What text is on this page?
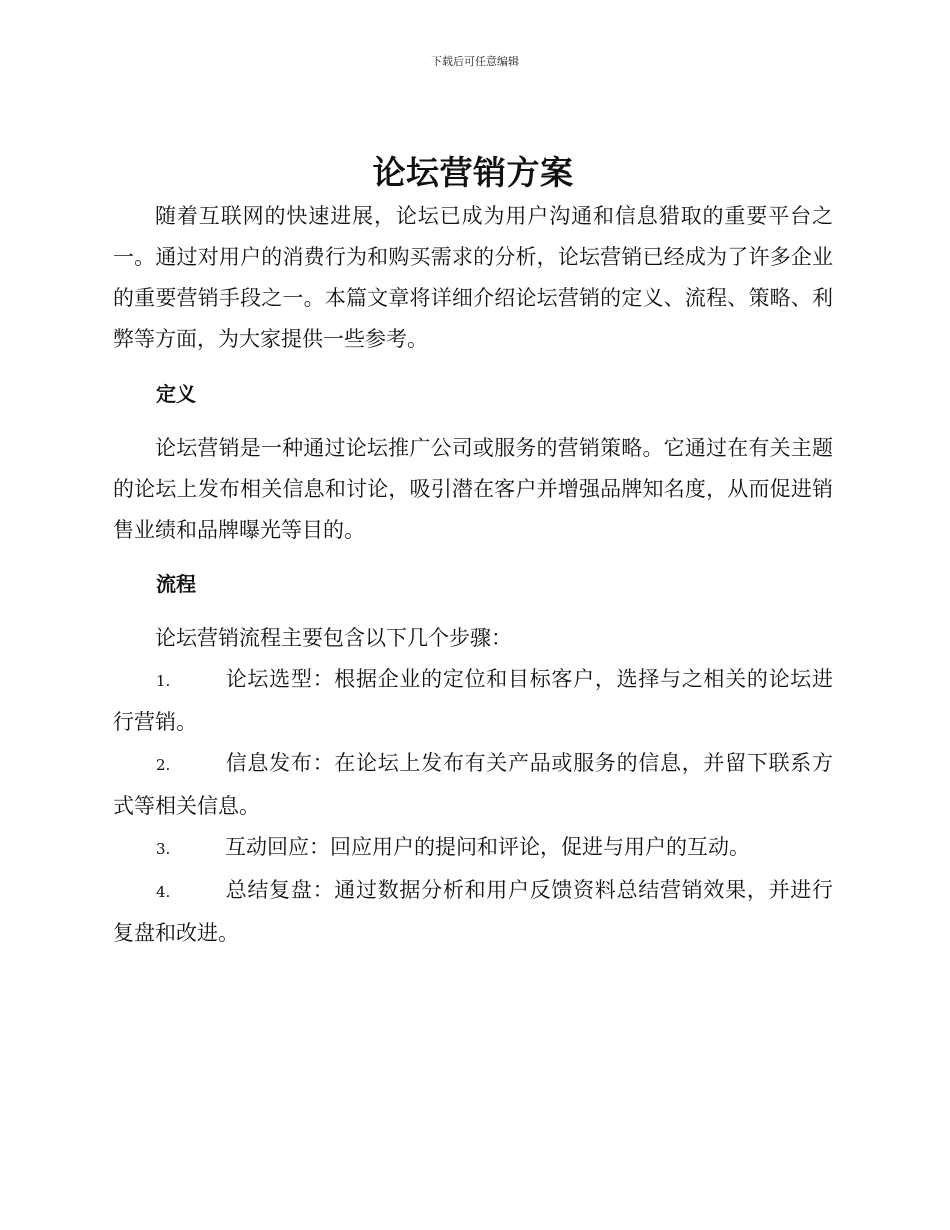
下载后可任意编辑
论坛营销方案

随着互联网的快速进展，论坛已成为用户沟通和信息猎取的重要平台之一。通过对用户的消费行为和购买需求的分析，论坛营销已经成为了许多企业的重要营销手段之一。本篇文章将详细介绍论坛营销的定义、流程、策略、利弊等方面，为大家提供一些参考。

定义

论坛营销是一种通过论坛推广公司或服务的营销策略。它通过在有关主题的论坛上发布相关信息和讨论，吸引潜在客户并增强品牌知名度，从而促进销售业绩和品牌曝光等目的。

流程

论坛营销流程主要包含以下几个步骤：

1.	论坛选型：根据企业的定位和目标客户，选择与之相关的论坛进行营销。

2.	信息发布：在论坛上发布有关产品或服务的信息，并留下联系方式等相关信息。

3.	互动回应：回应用户的提问和评论，促进与用户的互动。

4.	总结复盘：通过数据分析和用户反馈资料总结营销效果，并进行复盘和改进。
